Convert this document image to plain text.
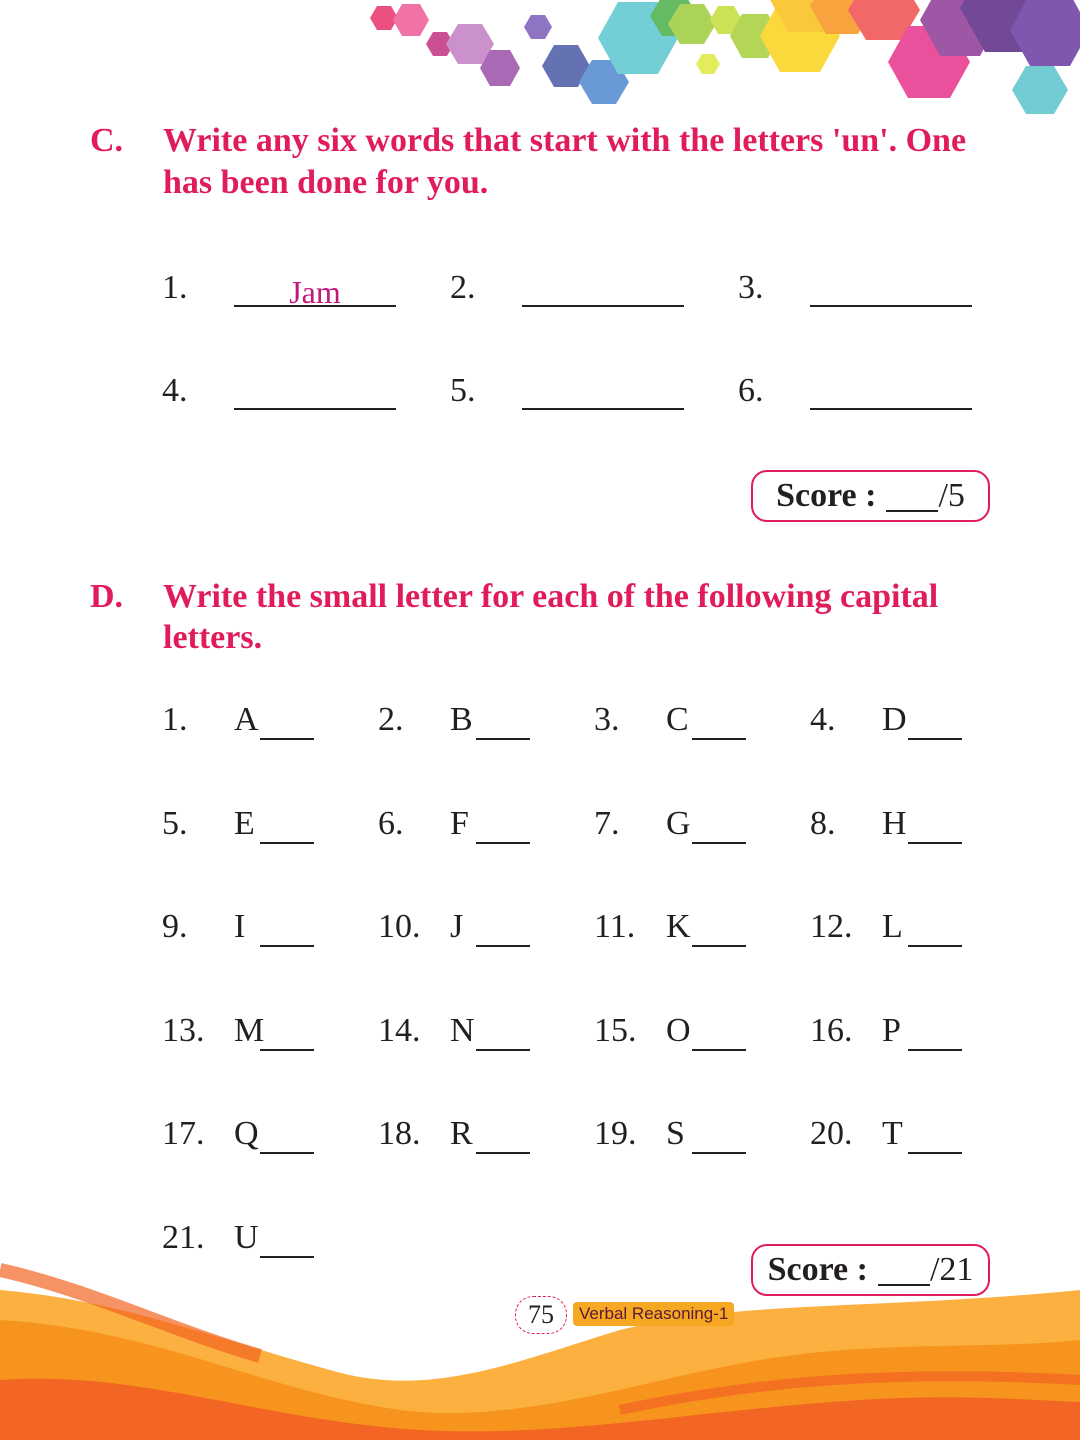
C. Write any six words that start with the letters 'un'. One
has been done for you.
1.	Jam	2.	3.
4.	5.	6.
Score : /5
D. Write the small letter for each of the following capital
letters.
1. A	2. B	3. C	4. D
5. E	6. F	7. G	8. H
9. I	10. J	11. K	12. L
13. M	14. N	15. O	16. P
17. Q	18. R	19. S	20. T
21. U
Score : /21
75	Verbal Reasoning-1
